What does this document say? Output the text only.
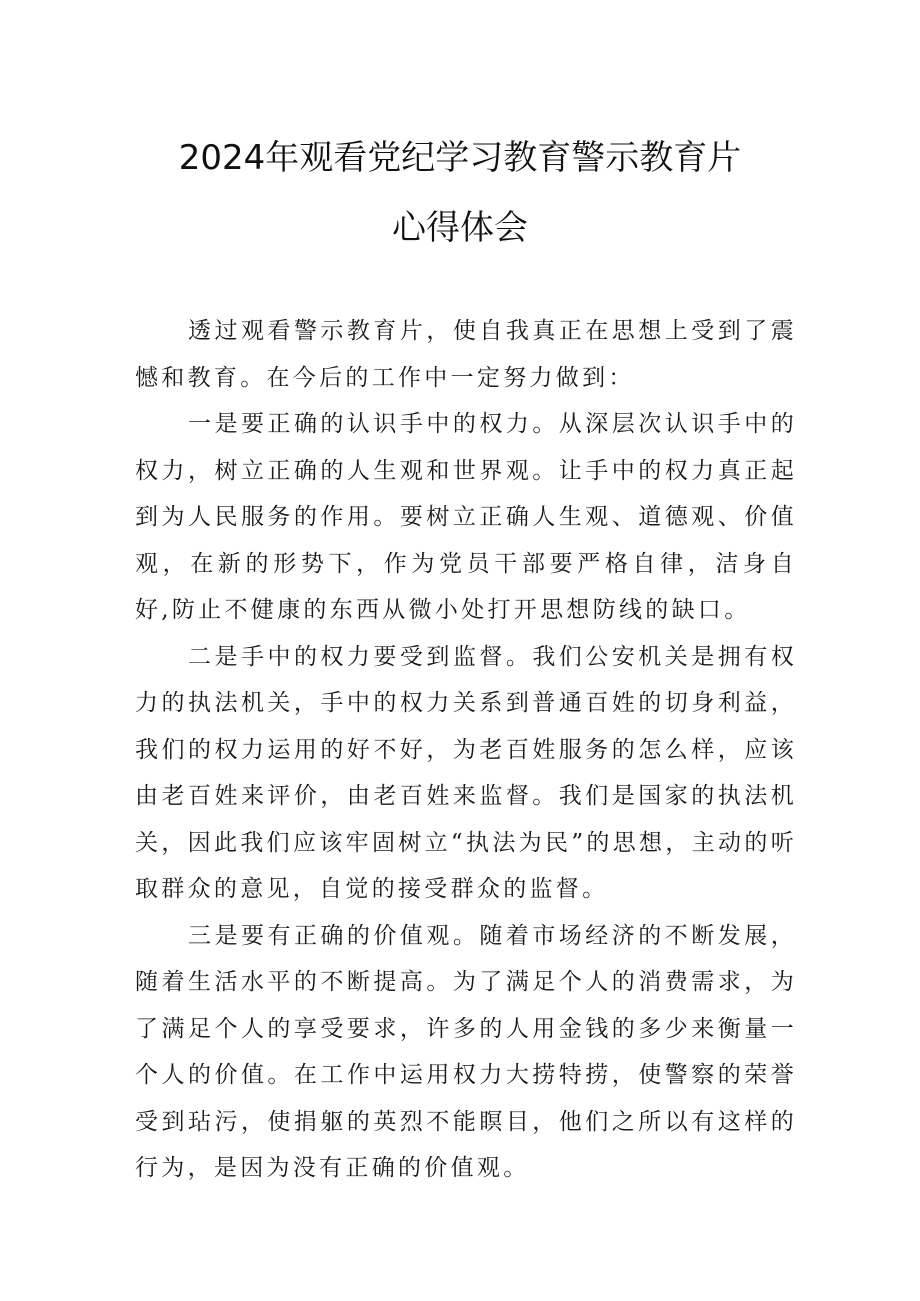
2024年观看党纪学习教育警示教育片
心得体会

透过观看警示教育片，使自我真正在思想上受到了震憾和教育。在今后的工作中一定努力做到：

一是要正确的认识手中的权力。从深层次认识手中的权力，树立正确的人生观和世界观。让手中的权力真正起到为人民服务的作用。要树立正确人生观、道德观、价值观，在新的形势下，作为党员干部要严格自律，洁身自好,防止不健康的东西从微小处打开思想防线的缺口。

二是手中的权力要受到监督。我们公安机关是拥有权力的执法机关，手中的权力关系到普通百姓的切身利益，我们的权力运用的好不好，为老百姓服务的怎么样，应该由老百姓来评价，由老百姓来监督。我们是国家的执法机关，因此我们应该牢固树立“执法为民”的思想，主动的听取群众的意见，自觉的接受群众的监督。

三是要有正确的价值观。随着市场经济的不断发展，随着生活水平的不断提高。为了满足个人的消费需求，为了满足个人的享受要求，许多的人用金钱的多少来衡量一个人的价值。在工作中运用权力大捞特捞，使警察的荣誉受到玷污，使捐躯的英烈不能瞑目，他们之所以有这样的行为，是因为没有正确的价值观。
